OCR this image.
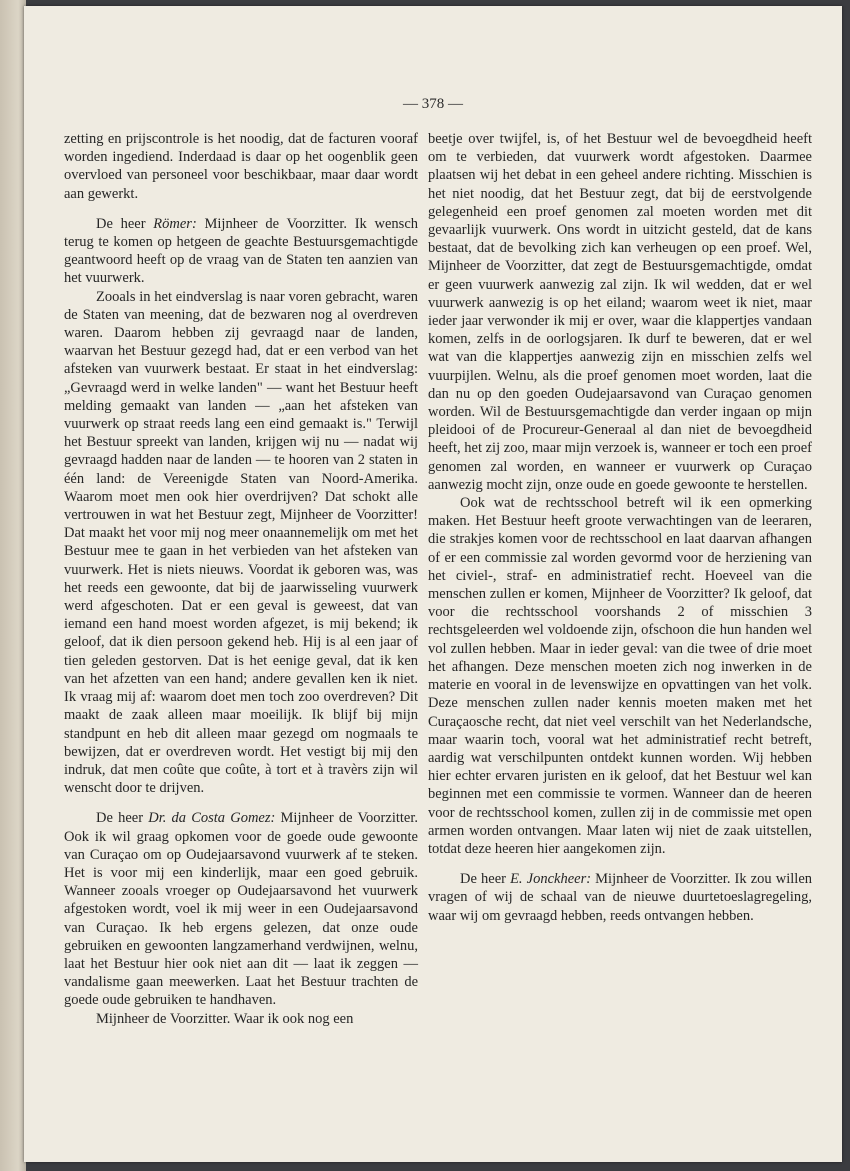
— 378 —

zetting en prijscontrole is het noodig, dat de facturen vooraf worden ingediend. Inderdaad is daar op het oogenblik geen overvloed van personeel voor beschikbaar, maar daar wordt aan gewerkt.

De heer Römer: Mijnheer de Voorzitter. Ik wensch terug te komen op hetgeen de geachte Bestuursgemachtigde geantwoord heeft op de vraag van de Staten ten aanzien van het vuurwerk.

Zooals in het eindverslag is naar voren gebracht, waren de Staten van meening, dat de bezwaren nog al overdreven waren. Daarom hebben zij gevraagd naar de landen, waarvan het Bestuur gezegd had, dat er een verbod van het afsteken van vuurwerk bestaat. Er staat in het eindverslag: „Gevraagd werd in welke landen" — want het Bestuur heeft melding gemaakt van landen — „aan het afsteken van vuurwerk op straat reeds lang een eind gemaakt is." Terwijl het Bestuur spreekt van landen, krijgen wij nu — nadat wij gevraagd hadden naar de landen — te hooren van 2 staten in één land: de Vereenigde Staten van Noord-Amerika. Waarom moet men ook hier overdrijven? Dat schokt alle vertrouwen in wat het Bestuur zegt, Mijnheer de Voorzitter! Dat maakt het voor mij nog meer onaannemelijk om met het Bestuur mee te gaan in het verbieden van het afsteken van vuurwerk. Het is niets nieuws. Voordat ik geboren was, was het reeds een gewoonte, dat bij de jaarwisseling vuurwerk werd afgeschoten. Dat er een geval is geweest, dat van iemand een hand moest worden afgezet, is mij bekend; ik geloof, dat ik dien persoon gekend heb. Hij is al een jaar of tien geleden gestorven. Dat is het eenige geval, dat ik ken van het afzetten van een hand; andere gevallen ken ik niet. Ik vraag mij af: waarom doet men toch zoo overdreven? Dit maakt de zaak alleen maar moeilijk. Ik blijf bij mijn standpunt en heb dit alleen maar gezegd om nogmaals te bewijzen, dat er overdreven wordt. Het vestigt bij mij den indruk, dat men coûte que coûte, à tort et à travèrs zijn wil wenscht door te drijven.

De heer Dr. da Costa Gomez: Mijnheer de Voorzitter. Ook ik wil graag opkomen voor de goede oude gewoonte van Curaçao om op Oudejaarsavond vuurwerk af te steken. Het is voor mij een kinderlijk, maar een goed gebruik. Wanneer zooals vroeger op Oudejaarsavond het vuurwerk afgestoken wordt, voel ik mij weer in een Oudejaarsavond van Curaçao. Ik heb ergens gelezen, dat onze oude gebruiken en gewoonten langzamerhand verdwijnen, welnu, laat het Bestuur hier ook niet aan dit — laat ik zeggen — vandalisme gaan meewerken. Laat het Bestuur trachten de goede oude gebruiken te handhaven.

Mijnheer de Voorzitter. Waar ik ook nog een

beetje over twijfel, is, of het Bestuur wel de bevoegdheid heeft om te verbieden, dat vuurwerk wordt afgestoken. Daarmee plaatsen wij het debat in een geheel andere richting. Misschien is het niet noodig, dat het Bestuur zegt, dat bij de eerstvolgende gelegenheid een proef genomen zal moeten worden met dit gevaarlijk vuurwerk. Ons wordt in uitzicht gesteld, dat de kans bestaat, dat de bevolking zich kan verheugen op een proef. Wel, Mijnheer de Voorzitter, dat zegt de Bestuursgemachtigde, omdat er geen vuurwerk aanwezig zal zijn. Ik wil wedden, dat er wel vuurwerk aanwezig is op het eiland; waarom weet ik niet, maar ieder jaar verwonder ik mij er over, waar die klappertjes vandaan komen, zelfs in de oorlogsjaren. Ik durf te beweren, dat er wel wat van die klappertjes aanwezig zijn en misschien zelfs wel vuurpijlen. Welnu, als die proef genomen moet worden, laat die dan nu op den goeden Oudejaarsavond van Curaçao genomen worden. Wil de Bestuursgemachtigde dan verder ingaan op mijn pleidooi of de Procureur-Generaal al dan niet de bevoegdheid heeft, het zij zoo, maar mijn verzoek is, wanneer er toch een proef genomen zal worden, en wanneer er vuurwerk op Curaçao aanwezig mocht zijn, onze oude en goede gewoonte te herstellen.

Ook wat de rechtsschool betreft wil ik een opmerking maken. Het Bestuur heeft groote verwachtingen van de leeraren, die strakjes komen voor de rechtsschool en laat daarvan afhangen of er een commissie zal worden gevormd voor de herziening van het civiel-, straf- en administratief recht. Hoeveel van die menschen zullen er komen, Mijnheer de Voorzitter? Ik geloof, dat voor die rechtsschool voorshands 2 of misschien 3 rechtsgeleerden wel voldoende zijn, ofschoon die hun handen wel vol zullen hebben. Maar in ieder geval: van die twee of drie moet het afhangen. Deze menschen moeten zich nog inwerken in de materie en vooral in de levenswijze en opvattingen van het volk. Deze menschen zullen nader kennis moeten maken met het Curaçaosche recht, dat niet veel verschilt van het Nederlandsche, maar waarin toch, vooral wat het administratief recht betreft, aardig wat verschilpunten ontdekt kunnen worden. Wij hebben hier echter ervaren juristen en ik geloof, dat het Bestuur wel kan beginnen met een commissie te vormen. Wanneer dan de heeren voor de rechtsschool komen, zullen zij in de commissie met open armen worden ontvangen. Maar laten wij niet de zaak uitstellen, totdat deze heeren hier aangekomen zijn.

De heer E. Jonckheer: Mijnheer de Voorzitter. Ik zou willen vragen of wij de schaal van de nieuwe duurtetoeslagregeling, waar wij om gevraagd hebben, reeds ontvangen hebben.
